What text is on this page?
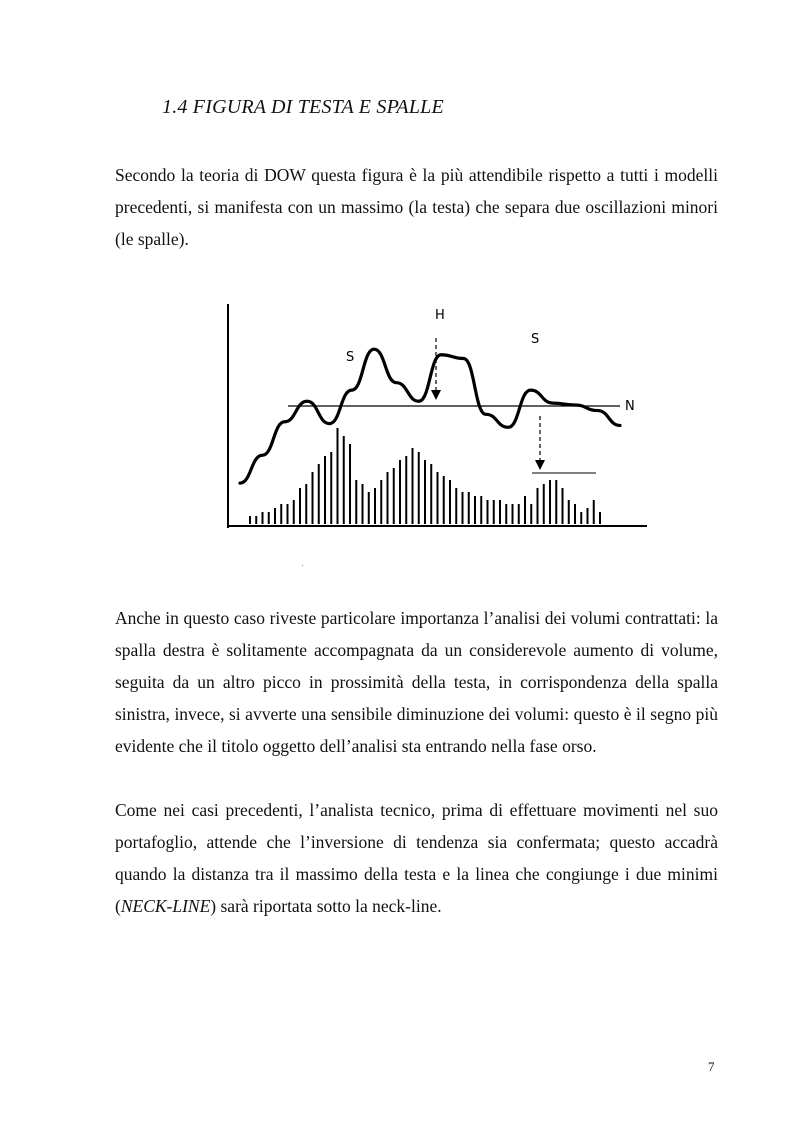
1.4 FIGURA DI TESTA E SPALLE

Secondo la teoria di DOW questa figura è la più attendibile rispetto a tutti i modelli precedenti, si manifesta con un massimo (la testa) che separa due oscillazioni minori (le spalle).

S
H
S
N

Anche in questo caso riveste particolare importanza l’analisi dei volumi contrattati: la spalla destra è solitamente accompagnata da un considerevole aumento di volume, seguita da un altro picco in prossimità della testa, in corrispondenza della spalla sinistra, invece, si avverte una sensibile diminuzione dei volumi: questo è il segno più evidente che il titolo oggetto dell’analisi sta entrando nella fase orso.

Come nei casi precedenti, l’analista tecnico, prima di effettuare movimenti nel suo portafoglio, attende che l’inversione di tendenza sia confermata; questo accadrà quando la distanza tra il massimo della testa e la linea che congiunge i due minimi (NECK-LINE) sarà riportata sotto la neck-line.

7
